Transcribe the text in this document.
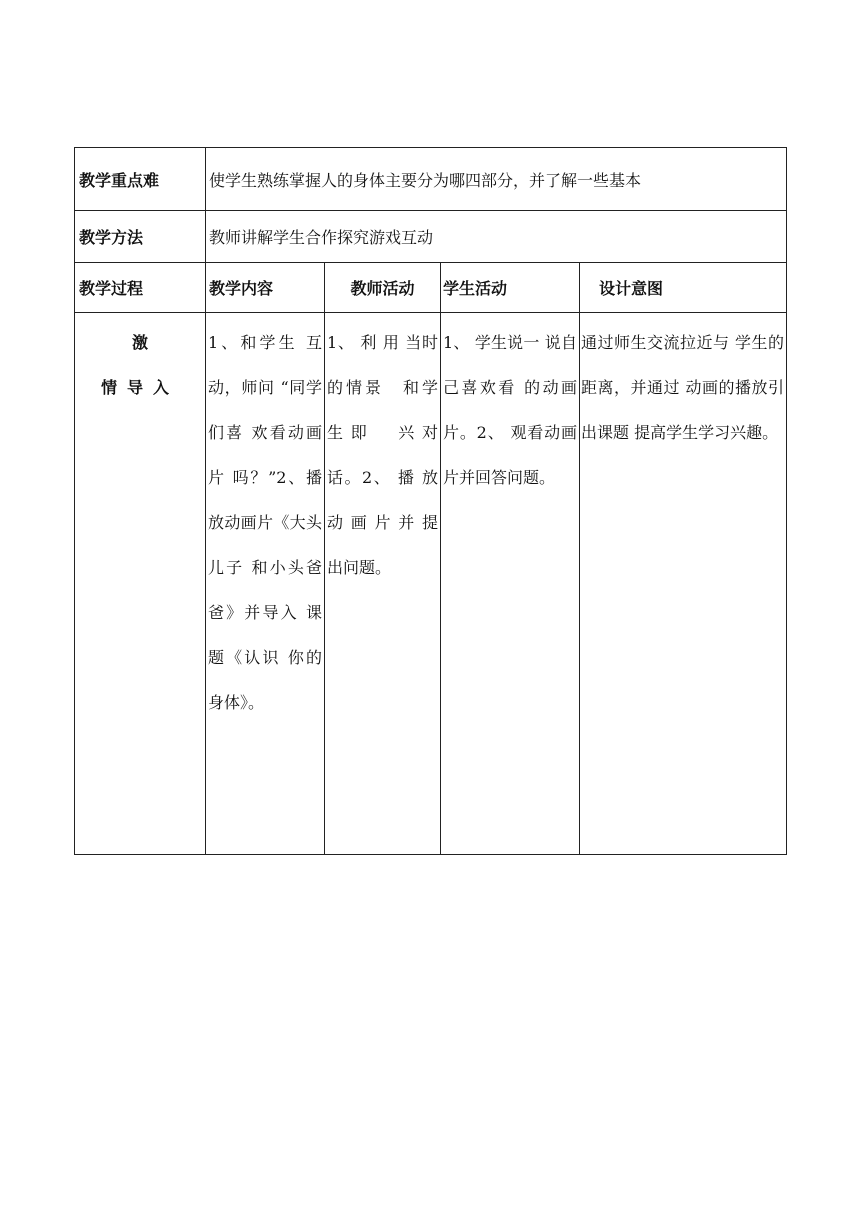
教学重点难	使学生熟练掌握人的身体主要分为哪四部分，并了解一些基本			
教学方法	教师讲解学生合作探究游戏互动			
教学过程	教学内容	教师活动	学生活动	设计意图

激
情导入	1、和学生 互动，师问 “同学们喜 欢看动画片 吗？”2、播　放动画片《大头儿子 和小头爸 爸》并导入 课题《认识 你的身体》。	1、 利 用 当时的情景　和学生即　兴对话。2、 播 放 动画片并提　出问题。	1、 学生说一 说自己喜欢看 的动画片。2、 观看动画 片并回答问题。	通过师生交流拉近与 学生的距离，并通过 动画的播放引出课题 提高学生学习兴趣。
